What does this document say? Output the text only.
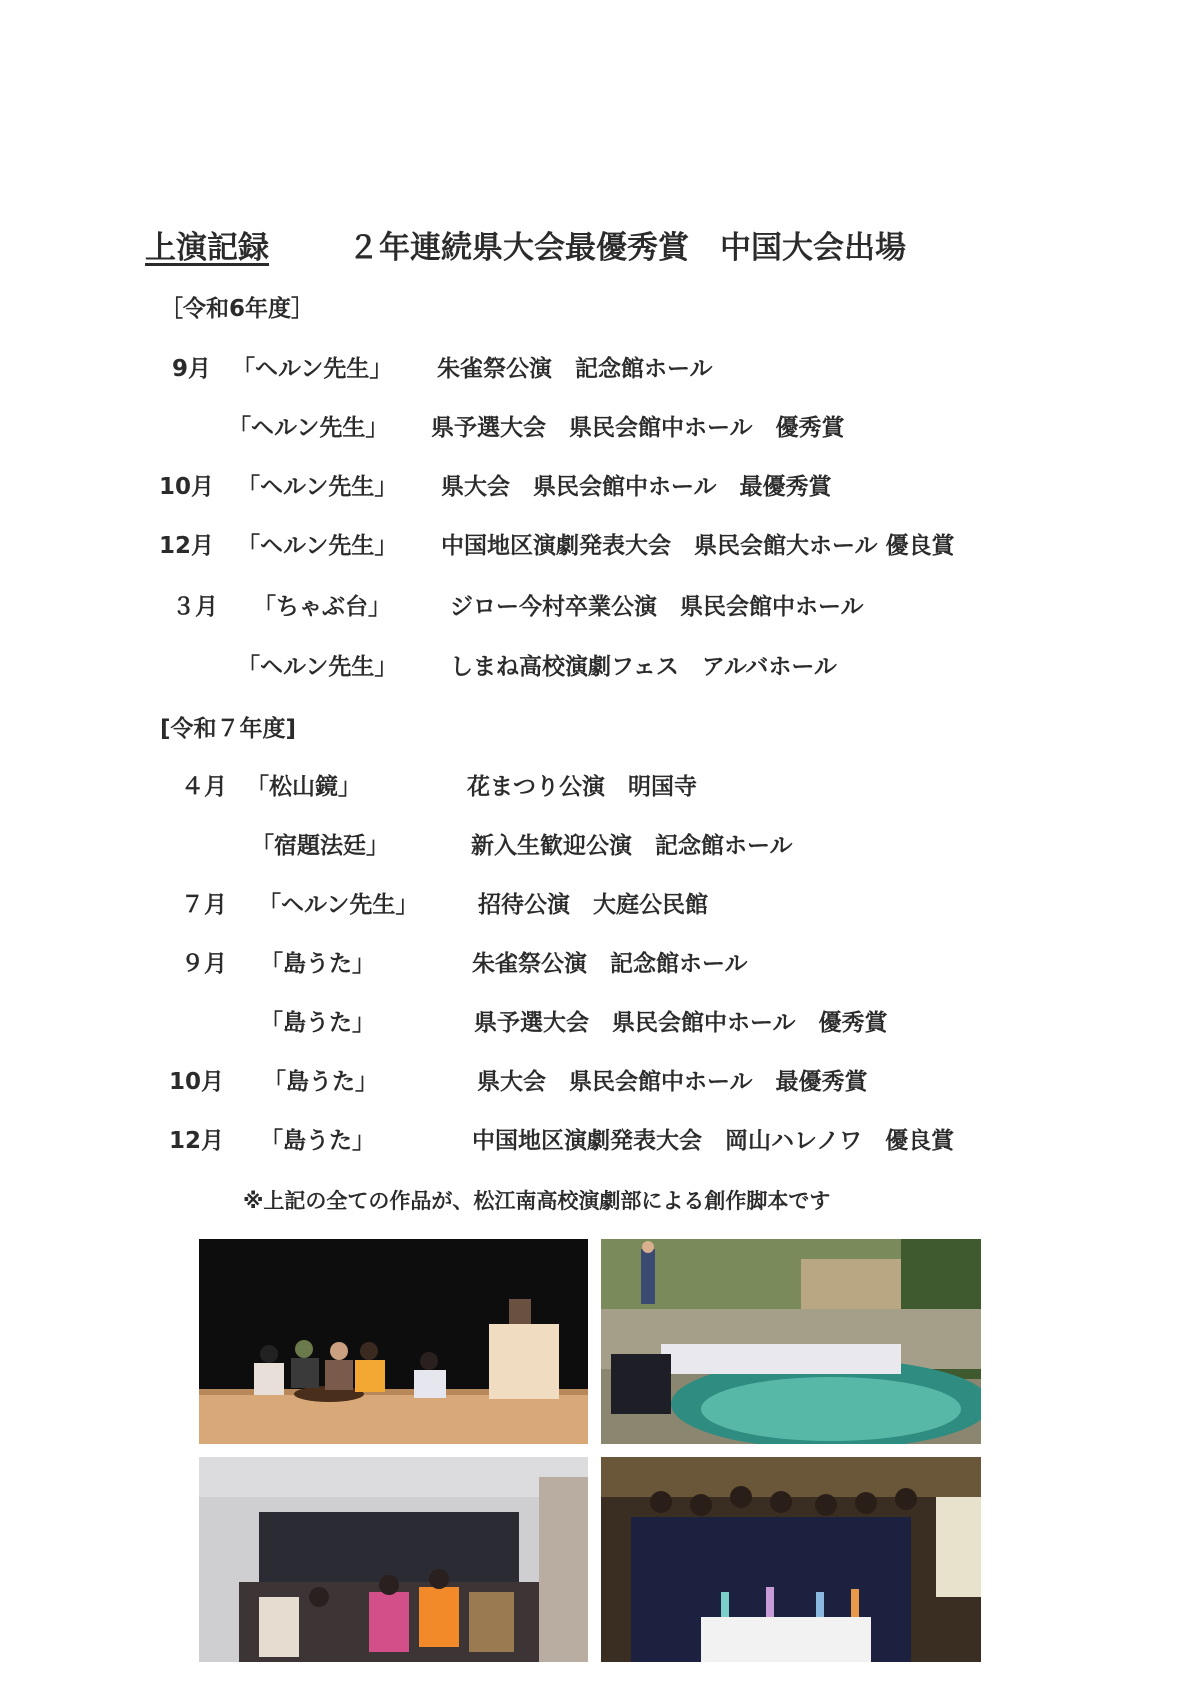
上演記録	２年連続県大会最優秀賞　中国大会出場
［令和6年度］
9月 「ヘルン先生」 朱雀祭公演　記念館ホール
「ヘルン先生」 県予選大会　県民会館中ホール　優秀賞
10月 「ヘルン先生」 県大会　県民会館中ホール　最優秀賞
12月 「ヘルン先生」 中国地区演劇発表大会　県民会館大ホール 優良賞
３月 「ちゃぶ台」	ジロー今村卒業公演　県民会館中ホール
「ヘルン先生」 しまね高校演劇フェス　アルバホール
[令和７年度]
４月 「松山鏡」	花まつり公演　明国寺
「宿題法廷」	新入生歓迎公演　記念館ホール
７月 「ヘルン先生」	招待公演　大庭公民館
９月 「島うた」	朱雀祭公演　記念館ホール
「島うた」	県予選大会　県民会館中ホール　優秀賞
10月 「島うた」	県大会　県民会館中ホール　最優秀賞
12月 「島うた」	中国地区演劇発表大会　岡山ハレノワ　優良賞
※上記の全ての作品が、松江南高校演劇部による創作脚本です
